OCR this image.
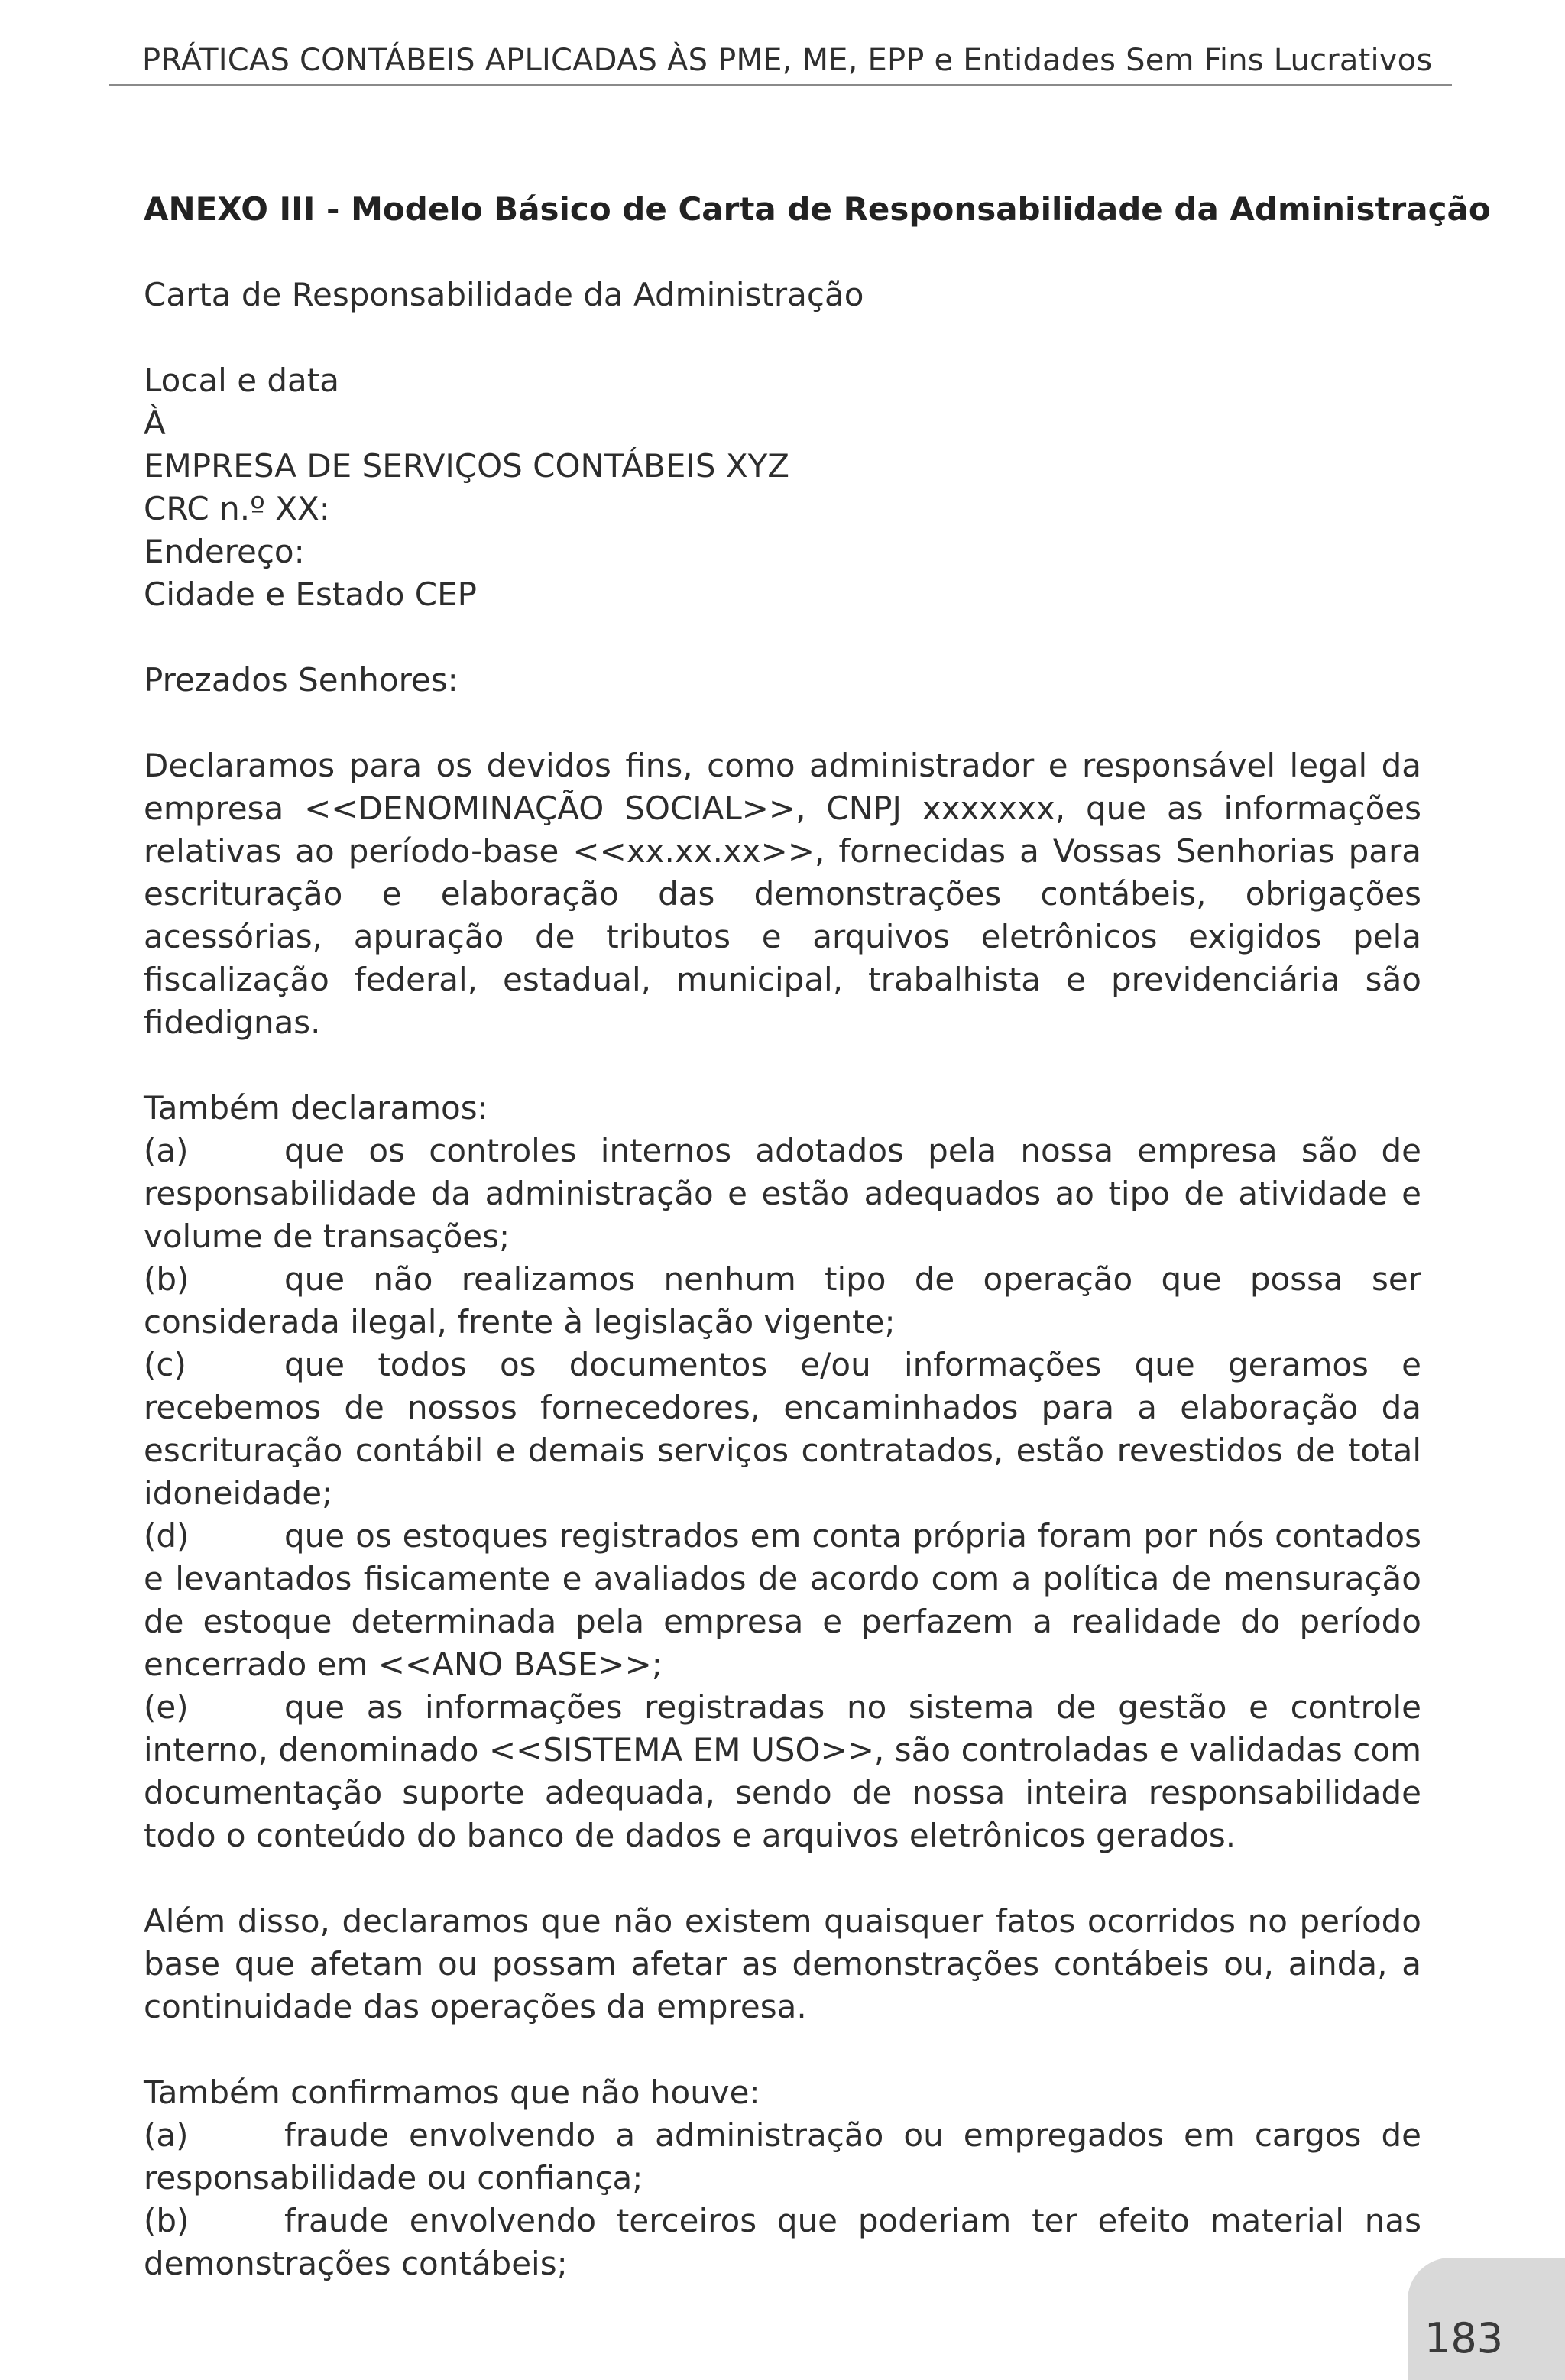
PRÁTICAS CONTÁBEIS APLICADAS ÀS PME, ME, EPP e Entidades Sem Fins Lucrativos
ANEXO III - Modelo Básico de Carta de Responsabilidade da Administração
Carta de Responsabilidade da Administração
Local e data
À
EMPRESA DE SERVIÇOS CONTÁBEIS XYZ
CRC n.º XX:
Endereço:
Cidade e Estado CEP
Prezados Senhores:
Declaramos para os devidos fins, como administrador e responsável legal da empresa <<DENOMINAÇÃO SOCIAL>>, CNPJ xxxxxxx, que as informações relativas ao período-base <<xx.xx.xx>>, fornecidas a Vossas Senhorias para escrituração e elaboração das demonstrações contábeis, obrigações acessórias, apuração de tributos e arquivos eletrônicos exigidos pela fiscalização federal, estadual, municipal, trabalhista e previdenciária são fidedignas.
Também declaramos:
(a)	que os controles internos adotados pela nossa empresa são de responsabilidade da administração e estão adequados ao tipo de atividade e volume de transações;
(b)	que não realizamos nenhum tipo de operação que possa ser considerada ilegal, frente à legislação vigente;
(c)	que todos os documentos e/ou informações que geramos e recebemos de nossos fornecedores, encaminhados para a elaboração da escrituração contábil e demais serviços contratados, estão revestidos de total idoneidade;
(d)	que os estoques registrados em conta própria foram por nós contados e levantados fisicamente e avaliados de acordo com a política de mensuração de estoque determinada pela empresa e perfazem a realidade do período encerrado em <<ANO BASE>>;
(e)	que as informações registradas no sistema de gestão e controle interno, denominado <<SISTEMA EM USO>>, são controladas e validadas com documentação suporte adequada, sendo de nossa inteira responsabilidade todo o conteúdo do banco de dados e arquivos eletrônicos gerados.
Além disso, declaramos que não existem quaisquer fatos ocorridos no período base que afetam ou possam afetar as demonstrações contábeis ou, ainda, a continuidade das operações da empresa.
Também confirmamos que não houve:
(a)	fraude envolvendo a administração ou empregados em cargos de responsabilidade ou confiança;
(b)	fraude envolvendo terceiros que poderiam ter efeito material nas demonstrações contábeis;
183
